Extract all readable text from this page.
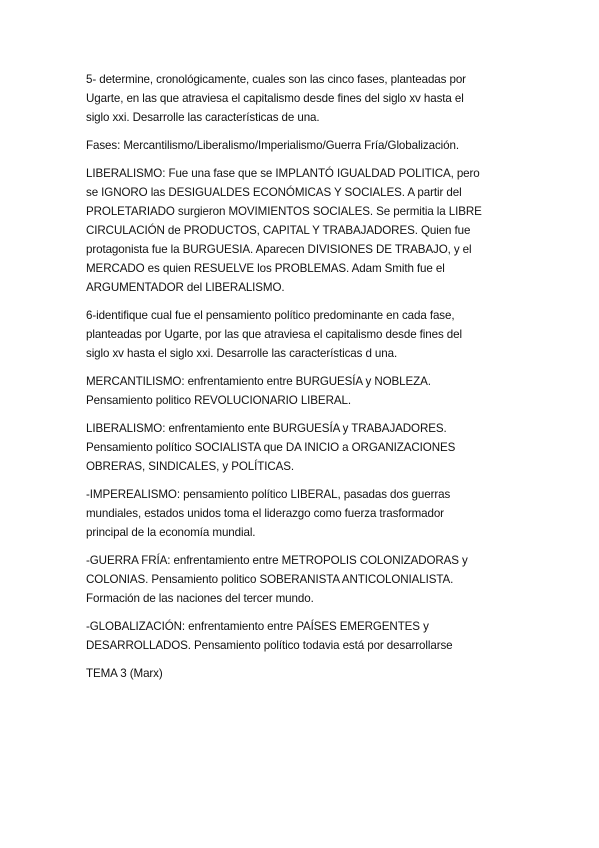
5- determine, cronológicamente, cuales son las cinco fases, planteadas por
Ugarte, en las que atraviesa el capitalismo desde fines del siglo xv hasta el
siglo xxi. Desarrolle las características de una.

Fases: Mercantilismo/Liberalismo/Imperialismo/Guerra Fría/Globalización.

LIBERALISMO: Fue una fase que se IMPLANTÓ IGUALDAD POLITICA, pero
se IGNORO las DESIGUALDES ECONÓMICAS Y SOCIALES. A partir del
PROLETARIADO surgieron MOVIMIENTOS SOCIALES. Se permitia la LIBRE
CIRCULACIÓN de PRODUCTOS, CAPITAL Y TRABAJADORES. Quien fue
protagonista fue la BURGUESIA. Aparecen DIVISIONES DE TRABAJO, y el
MERCADO es quien RESUELVE los PROBLEMAS. Adam Smith fue el
ARGUMENTADOR del LIBERALISMO.

6-identifique cual fue el pensamiento político predominante en cada fase,
planteadas por Ugarte, por las que atraviesa el capitalismo desde fines del
siglo xv hasta el siglo xxi. Desarrolle las características d una.

MERCANTILISMO: enfrentamiento entre BURGUESÍA y NOBLEZA.
Pensamiento politico REVOLUCIONARIO LIBERAL.

LIBERALISMO: enfrentamiento ente BURGUESÍA y TRABAJADORES.
Pensamiento político SOCIALISTA que DA INICIO a ORGANIZACIONES
OBRERAS, SINDICALES, y POLÍTICAS.

-IMPEREALISMO: pensamiento político LIBERAL, pasadas dos guerras
mundiales, estados unidos toma el liderazgo como fuerza trasformador
principal de la economía mundial.

-GUERRA FRÍA: enfrentamiento entre METROPOLIS COLONIZADORAS y
COLONIAS. Pensamiento politico SOBERANISTA ANTICOLONIALISTA.
Formación de las naciones del tercer mundo.

-GLOBALIZACIÓN: enfrentamiento entre PAÍSES EMERGENTES y
DESARROLLADOS. Pensamiento político todavia está por desarrollarse

TEMA 3 (Marx)
